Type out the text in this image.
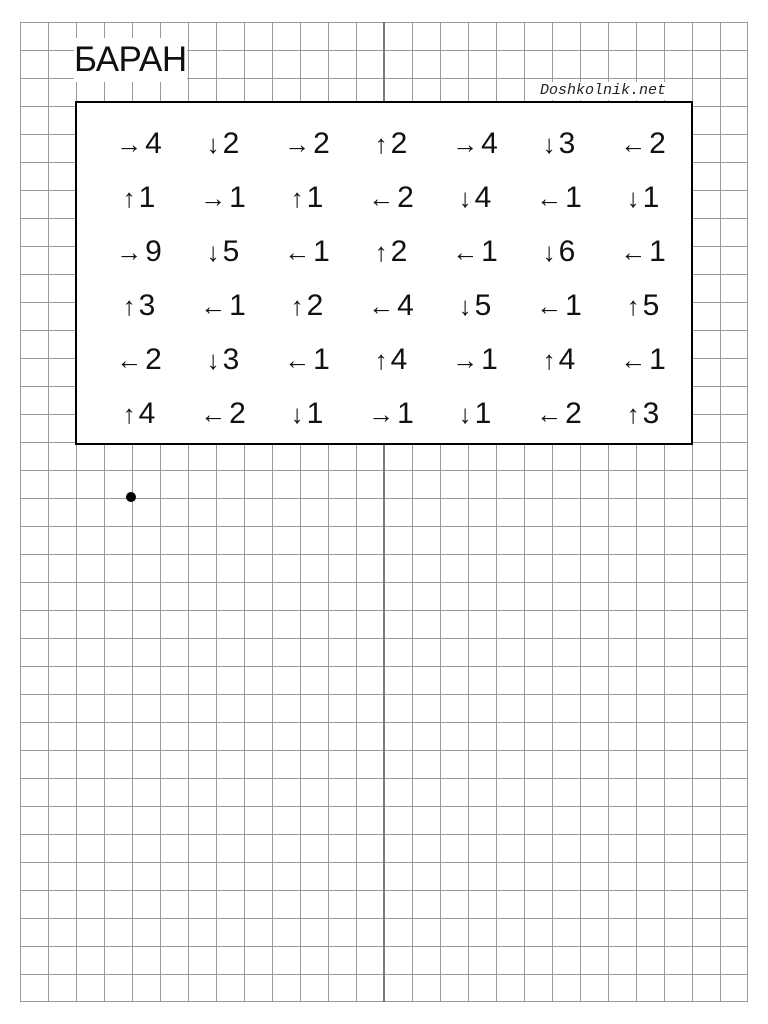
БАРАН
Doshkolnik.net
→ 4 ↓ 2 → 2 ↑ 2 → 4 ↓ 3 ← 2
↑ 1 → 1 ↑ 1 ← 2 ↓ 4 ← 1 ↓ 1
→ 9 ↓ 5 ← 1 ↑ 2 ← 1 ↓ 6 ← 1
↑ 3 ← 1 ↑ 2 ← 4 ↓ 5 ← 1 ↑ 5
← 2 ↓ 3 ← 1 ↑ 4 → 1 ↑ 4 ← 1
↑ 4 ← 2 ↓ 1 → 1 ↓ 1 ← 2 ↑ 3
